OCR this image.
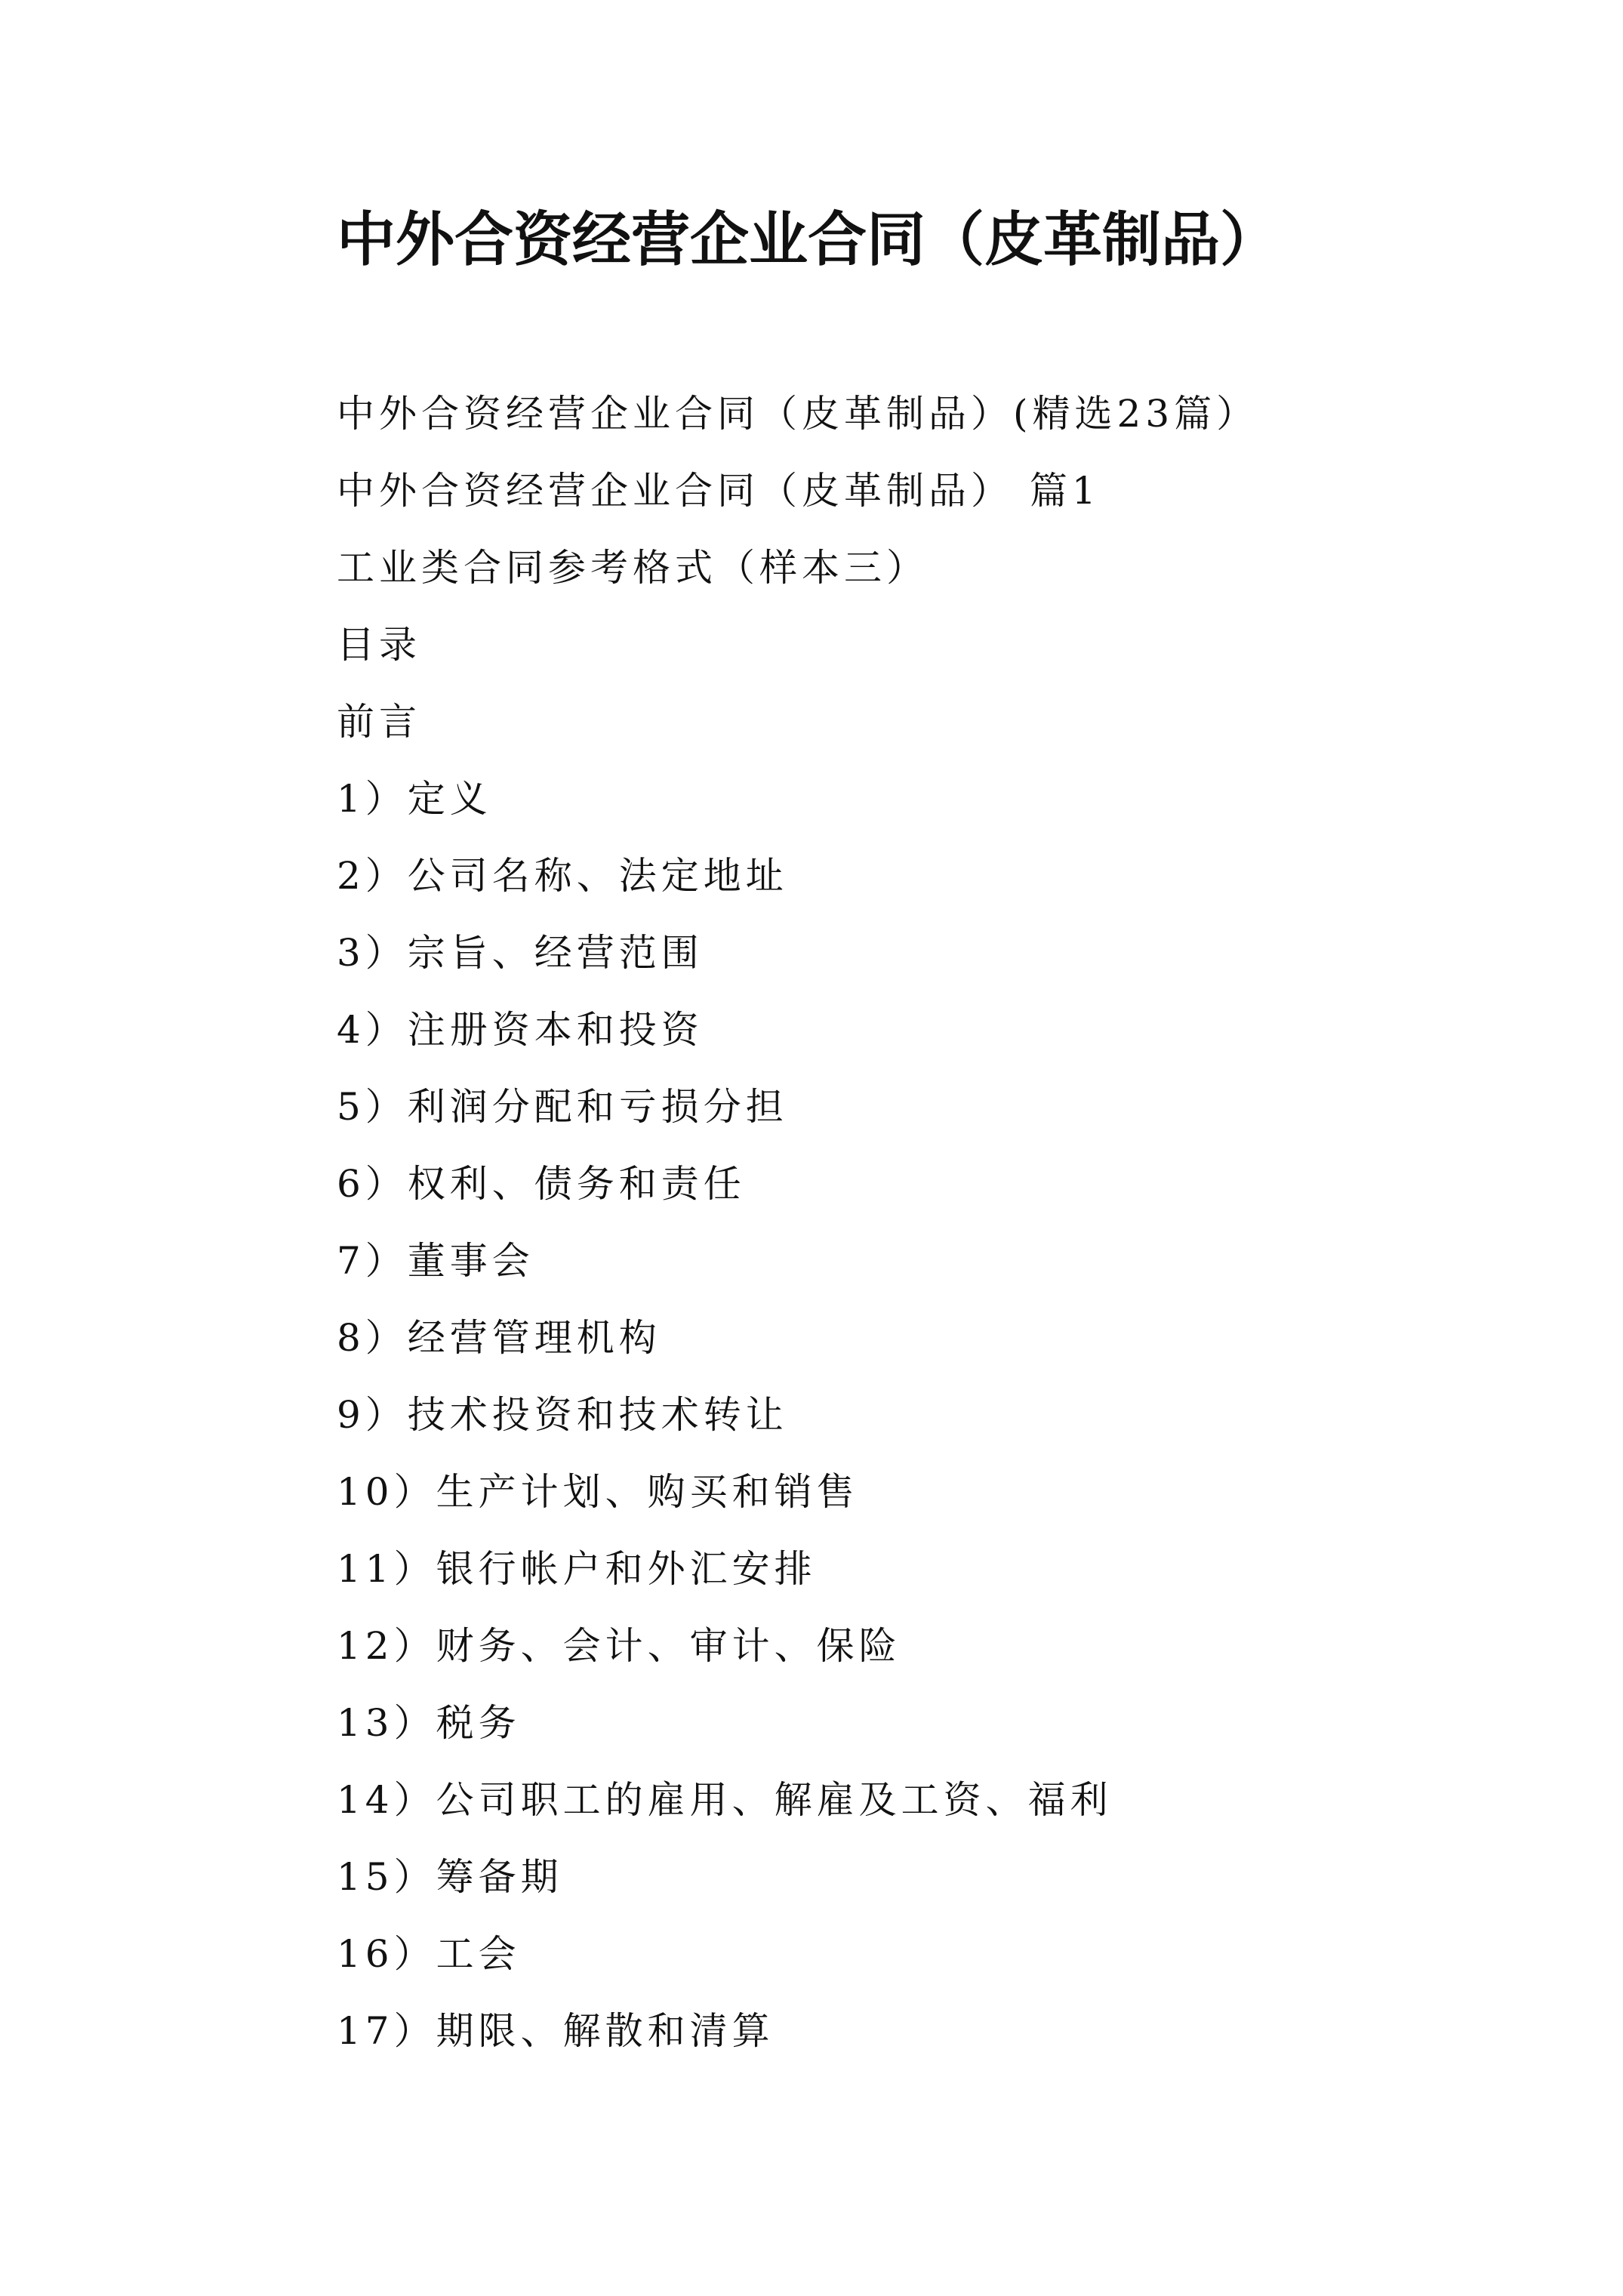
中外合资经营企业合同（皮革制品）
中外合资经营企业合同（皮革制品）(精选23篇）
中外合资经营企业合同（皮革制品） 篇1
工业类合同参考格式（样本三）
目录
前言
1）定义
2）公司名称、法定地址
3）宗旨、经营范围
4）注册资本和投资
5）利润分配和亏损分担
6）权利、债务和责任
7）董事会
8）经营管理机构
9）技术投资和技术转让
10）生产计划、购买和销售
11）银行帐户和外汇安排
12）财务、会计、审计、保险
13）税务
14）公司职工的雇用、解雇及工资、福利
15）筹备期
16）工会
17）期限、解散和清算
